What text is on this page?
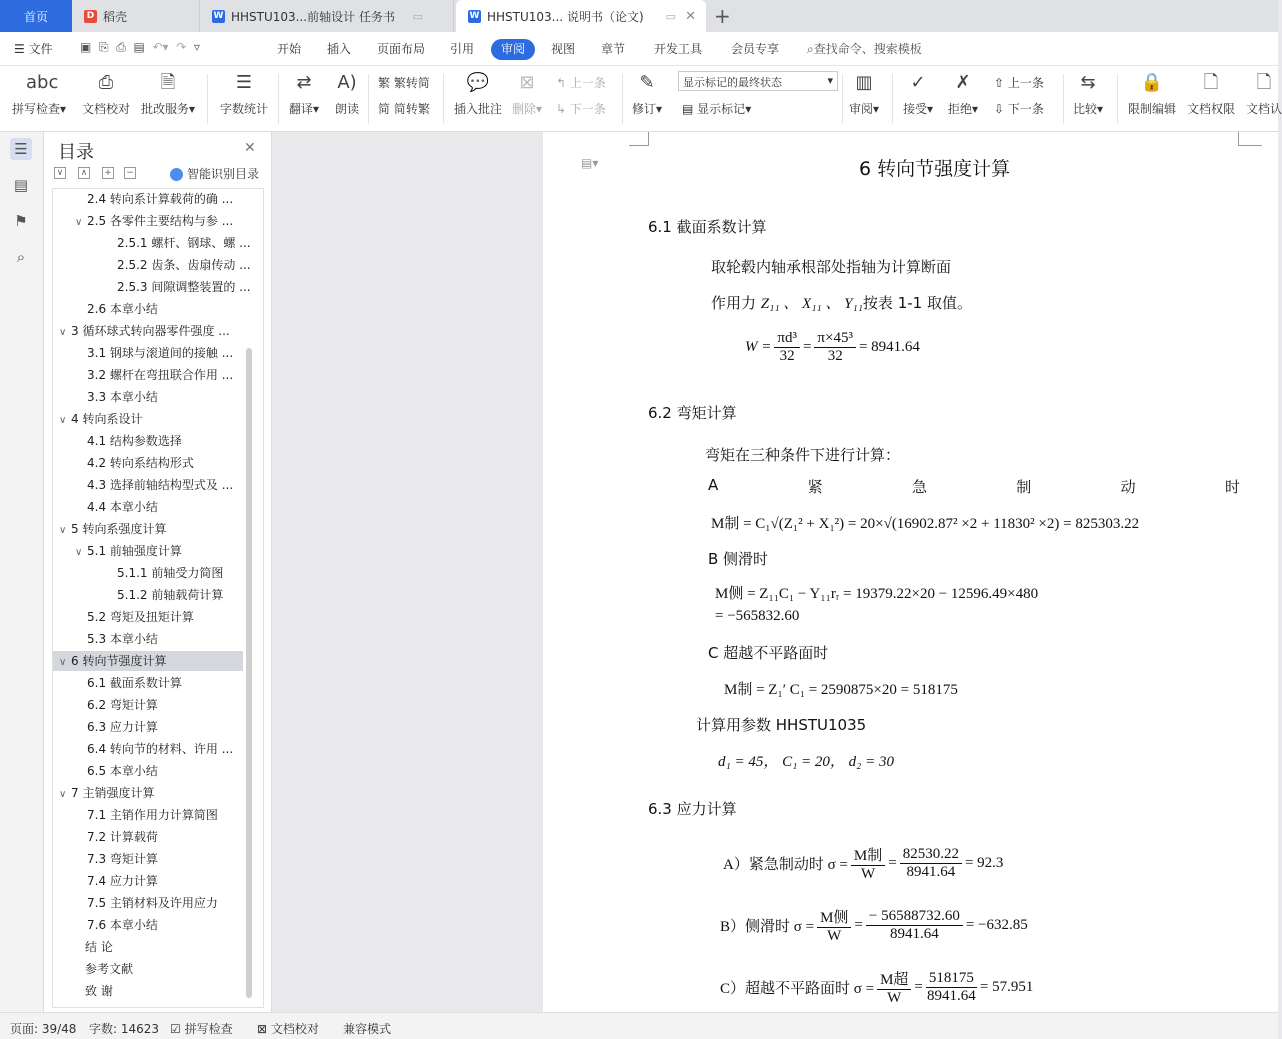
首页	D 稻壳	W HHSTU103...前轴设计 任务书 ▭	W HHSTU103... 说明书（论文) ▭ ✕ +
☰ 文件 ▣ ⎘ ⎙ ▤ ↶▾ ↷ ▿	开始 插入 页面布局 引用	审阅	视图 章节 开发工具 会员专享 ⌕查找命令、搜索模板
abc
拼写检查▾
⎙
文档校对
🗎
批改服务▾
☰
字数统计
⇄
翻译▾
A)
朗读
繁 繁转简
简 简转繁
💬
插入批注
⊠
删除▾
↰ 上一条
↳ 下一条
✎
修订▾
显示标记的最终状态	▾
▤ 显示标记▾
▥
审阅▾
✓
接受▾
✗
拒绝▾
⇧ 上一条
⇩ 下一条
⇆
比较▾
🔒
限制编辑
🗋
文档权限
🗋
文档认
☰
▤
⚑
⌕
目录	✕
∨	∧	+ −	智能识别目录
2.4 转向系计算载荷的确 ...
∨ 2.5 各零件主要结构与参 ...
2.5.1 螺杆、钢球、螺 ...
2.5.2 齿条、齿扇传动 ...
2.5.3 间隙调整装置的 ...
2.6 本章小结
∨ 3 循环球式转向器零件强度 ...
3.1 钢球与滚道间的接触 ...
3.2 螺杆在弯扭联合作用 ...
3.3 本章小结
∨ 4 转向系设计
4.1 结构参数选择
4.2 转向系结构形式
4.3 选择前轴结构型式及 ...
4.4 本章小结
∨ 5 转向系强度计算
∨ 5.1 前轴强度计算
5.1.1 前轴受力简图
5.1.2 前轴载荷计算
5.2 弯矩及扭矩计算
5.3 本章小结
∨ 6 转向节强度计算
6.1 截面系数计算
6.2 弯矩计算
6.3 应力计算
6.4 转向节的材料、许用 ...
6.5 本章小结
∨ 7 主销强度计算
7.1 主销作用力计算简图
7.2 计算载荷
7.3 弯矩计算
7.4 应力计算
7.5 主销材料及许用应力
7.6 本章小结
结 论
参考文献
致 谢
▤▾	6 转向节强度计算
6.1 截面系数计算
取轮毂内轴承根部处指轴为计算断面
作用力 Z₁₁ 、 X₁₁ 、 Y₁₁按表 1-1 取值。
$W = \frac{\text{πd³}}{32} = \frac{\text{π×45³}}{32} = 8941.64$
6.2 弯矩计算
弯矩在三种条件下进行计算：
A	紧	急	制	动	时
M制 = C₁√(Z₁² + X₁²) = 20×√(16902.87² ×2 + 11830² ×2) = 825303.22
B 侧滑时
M侧 = Z₁₁C₁ − Y₁₁rᵣ = 19379.22×20 − 12596.49×480
= −565832.60
C 超越不平路面时
M制 = Z₁′ C₁ = 2590875×20 = 518175
计算用参数 HHSTU1035
d₁ = 45， C₁ = 20， d₂ = 30
6.3 应力计算
A）紧急制动时 $\sigma = \frac{\text{M制}}{W} = \frac{82530.22}{8941.64} = 92.3$
B）侧滑时 $\sigma = \frac{\text{M侧}}{W} = \frac{- 56588732.60}{8941.64} = -632.85$
C）超越不平路面时 $\sigma = \frac{\text{M超}}{W} = \frac{518175}{8941.64} = 57.951$
页面: 39/48 字数: 14623 ☑ 拼写检查 ⊠ 文档校对 兼容模式
